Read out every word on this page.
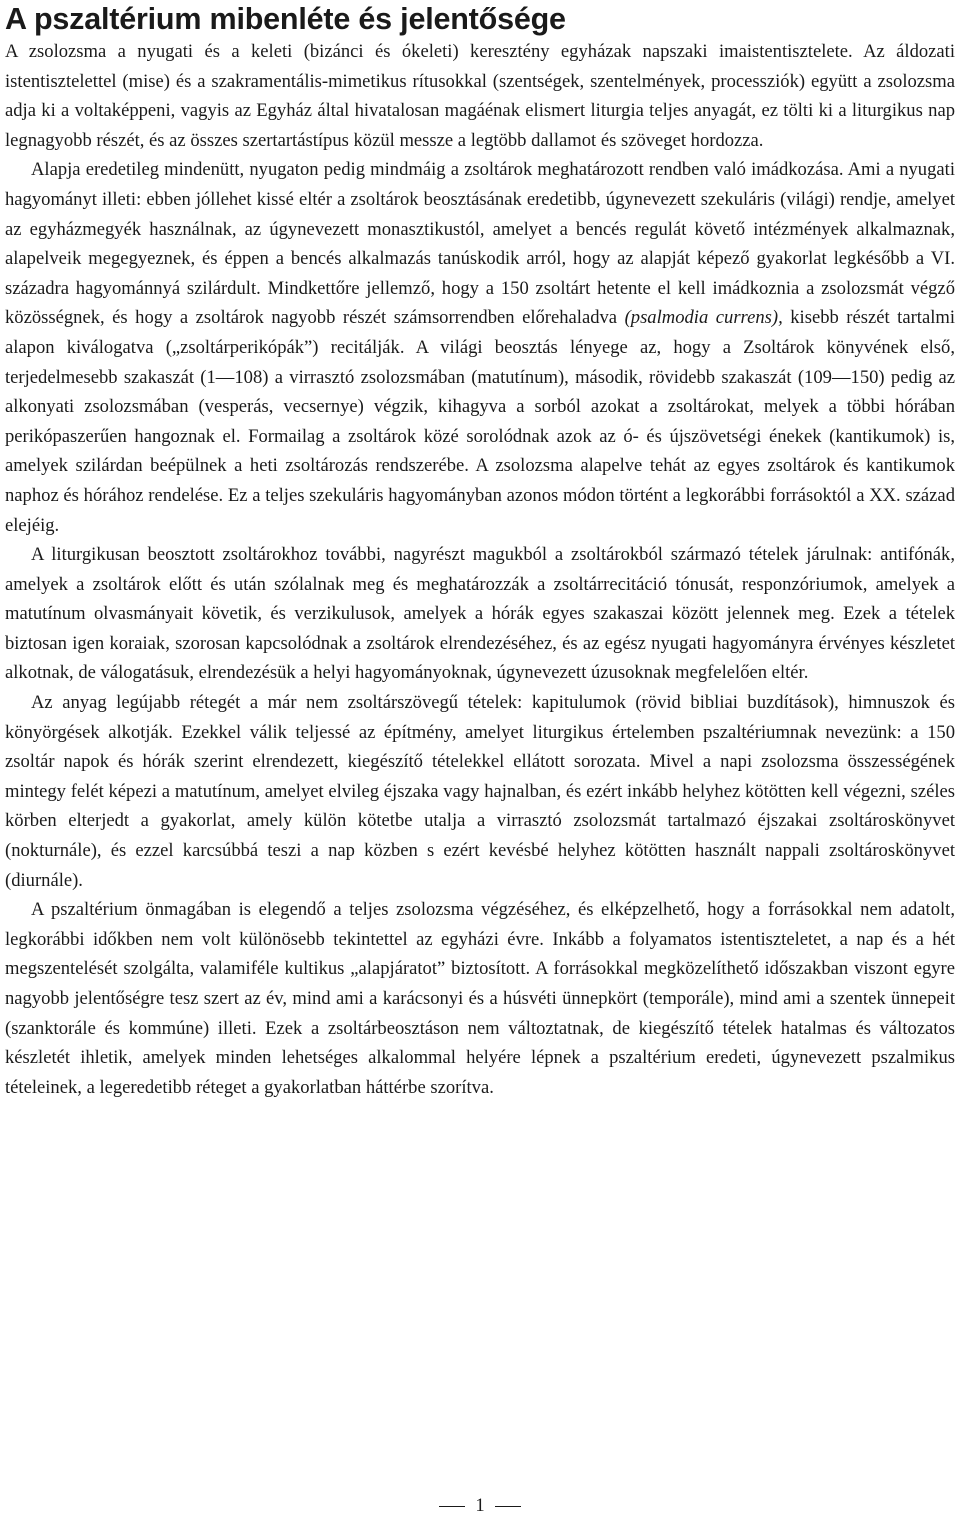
A pszaltérium mibenléte és jelentősége

A zsolozsma a nyugati és a keleti (bizánci és ókeleti) keresztény egyházak napszaki imaistentisztelete. Az áldozati istentisztelettel (mise) és a szakramentális-mimetikus rítusokkal (szentségek, szentelmények, processziók) együtt a zsolozsma adja ki a voltaképpeni, vagyis az Egyház által hivatalosan magáénak elismert liturgia teljes anyagát, ez tölti ki a liturgikus nap legnagyobb részét, és az összes szertartástípus közül messze a legtöbb dallamot és szöveget hordozza.

Alapja eredetileg mindenütt, nyugaton pedig mindmáig a zsoltárok meghatározott rendben való imádkozása. Ami a nyugati hagyományt illeti: ebben jóllehet kissé eltér a zsoltárok beosztásának eredetibb, úgynevezett szekuláris (világi) rendje, amelyet az egyházmegyék használnak, az úgynevezett monasztikustól, amelyet a bencés regulát követő intézmények alkalmaznak, alapelveik megegyeznek, és éppen a bencés alkalmazás tanúskodik arról, hogy az alapját képező gyakorlat legkésőbb a VI. századra hagyománnyá szilárdult. Mindkettőre jellemző, hogy a 150 zsoltárt hetente el kell imádkoznia a zsolozsmát végző közösségnek, és hogy a zsoltárok nagyobb részét számsorrendben előrehaladva (psalmodia currens), kisebb részét tartalmi alapon kiválogatva („zsoltárperikópák”) recitálják. A világi beosztás lényege az, hogy a Zsoltárok könyvének első, terjedelmesebb szakaszát (1—108) a virrasztó zsolozsmában (matutínum), második, rövidebb szakaszát (109—150) pedig az alkonyati zsolozsmában (vesperás, vecsernye) végzik, kihagyva a sorból azokat a zsoltárokat, melyek a többi hórában perikópaszerűen hangoznak el. Formailag a zsoltárok közé sorolódnak azok az ó- és újszövetségi énekek (kantikumok) is, amelyek szilárdan beépülnek a heti zsoltározás rendszerébe. A zsolozsma alapelve tehát az egyes zsoltárok és kantikumok naphoz és hórához rendelése. Ez a teljes szekuláris hagyományban azonos módon történt a legkorábbi forrásoktól a XX. század elejéig.

A liturgikusan beosztott zsoltárokhoz további, nagyrészt magukból a zsoltárokból származó tételek járulnak: antifónák, amelyek a zsoltárok előtt és után szólalnak meg és meghatározzák a zsoltárrecitáció tónusát, responzóriumok, amelyek a matutínum olvasmányait követik, és verzikulusok, amelyek a hórák egyes szakaszai között jelennek meg. Ezek a tételek biztosan igen koraiak, szorosan kapcsolódnak a zsoltárok elrendezéséhez, és az egész nyugati hagyományra érvényes készletet alkotnak, de válogatásuk, elrendezésük a helyi hagyományoknak, úgynevezett úzusoknak megfelelően eltér.

Az anyag legújabb rétegét a már nem zsoltárszövegű tételek: kapitulumok (rövid bibliai buzdítások), himnuszok és könyörgések alkotják. Ezekkel válik teljessé az építmény, amelyet liturgikus értelemben pszaltériumnak nevezünk: a 150 zsoltár napok és hórák szerint elrendezett, kiegészítő tételekkel ellátott sorozata. Mivel a napi zsolozsma összességének mintegy felét képezi a matutínum, amelyet elvileg éjszaka vagy hajnalban, és ezért inkább helyhez kötötten kell végezni, széles körben elterjedt a gyakorlat, amely külön kötetbe utalja a virrasztó zsolozsmát tartalmazó éjszakai zsoltároskönyvet (nokturnále), és ezzel karcsúbbá teszi a nap közben s ezért kevésbé helyhez kötötten használt nappali zsoltároskönyvet (diurnále).

A pszaltérium önmagában is elegendő a teljes zsolozsma végzéséhez, és elképzelhető, hogy a forrásokkal nem adatolt, legkorábbi időkben nem volt különösebb tekintettel az egyházi évre. Inkább a folyamatos istentiszteletet, a nap és a hét megszentelését szolgálta, valamiféle kultikus „alapjáratot” biztosított. A forrásokkal megközelíthető időszakban viszont egyre nagyobb jelentőségre tesz szert az év, mind ami a karácsonyi és a húsvéti ünnepkört (temporále), mind ami a szentek ünnepeit (szanktorále és kommúne) illeti. Ezek a zsoltárbeosztáson nem változtatnak, de kiegészítő tételek hatalmas és változatos készletét ihletik, amelyek minden lehetséges alkalommal helyére lépnek a pszaltérium eredeti, úgynevezett pszalmikus tételeinek, a legeredetibb réteget a gyakorlatban háttérbe szorítva.

1
